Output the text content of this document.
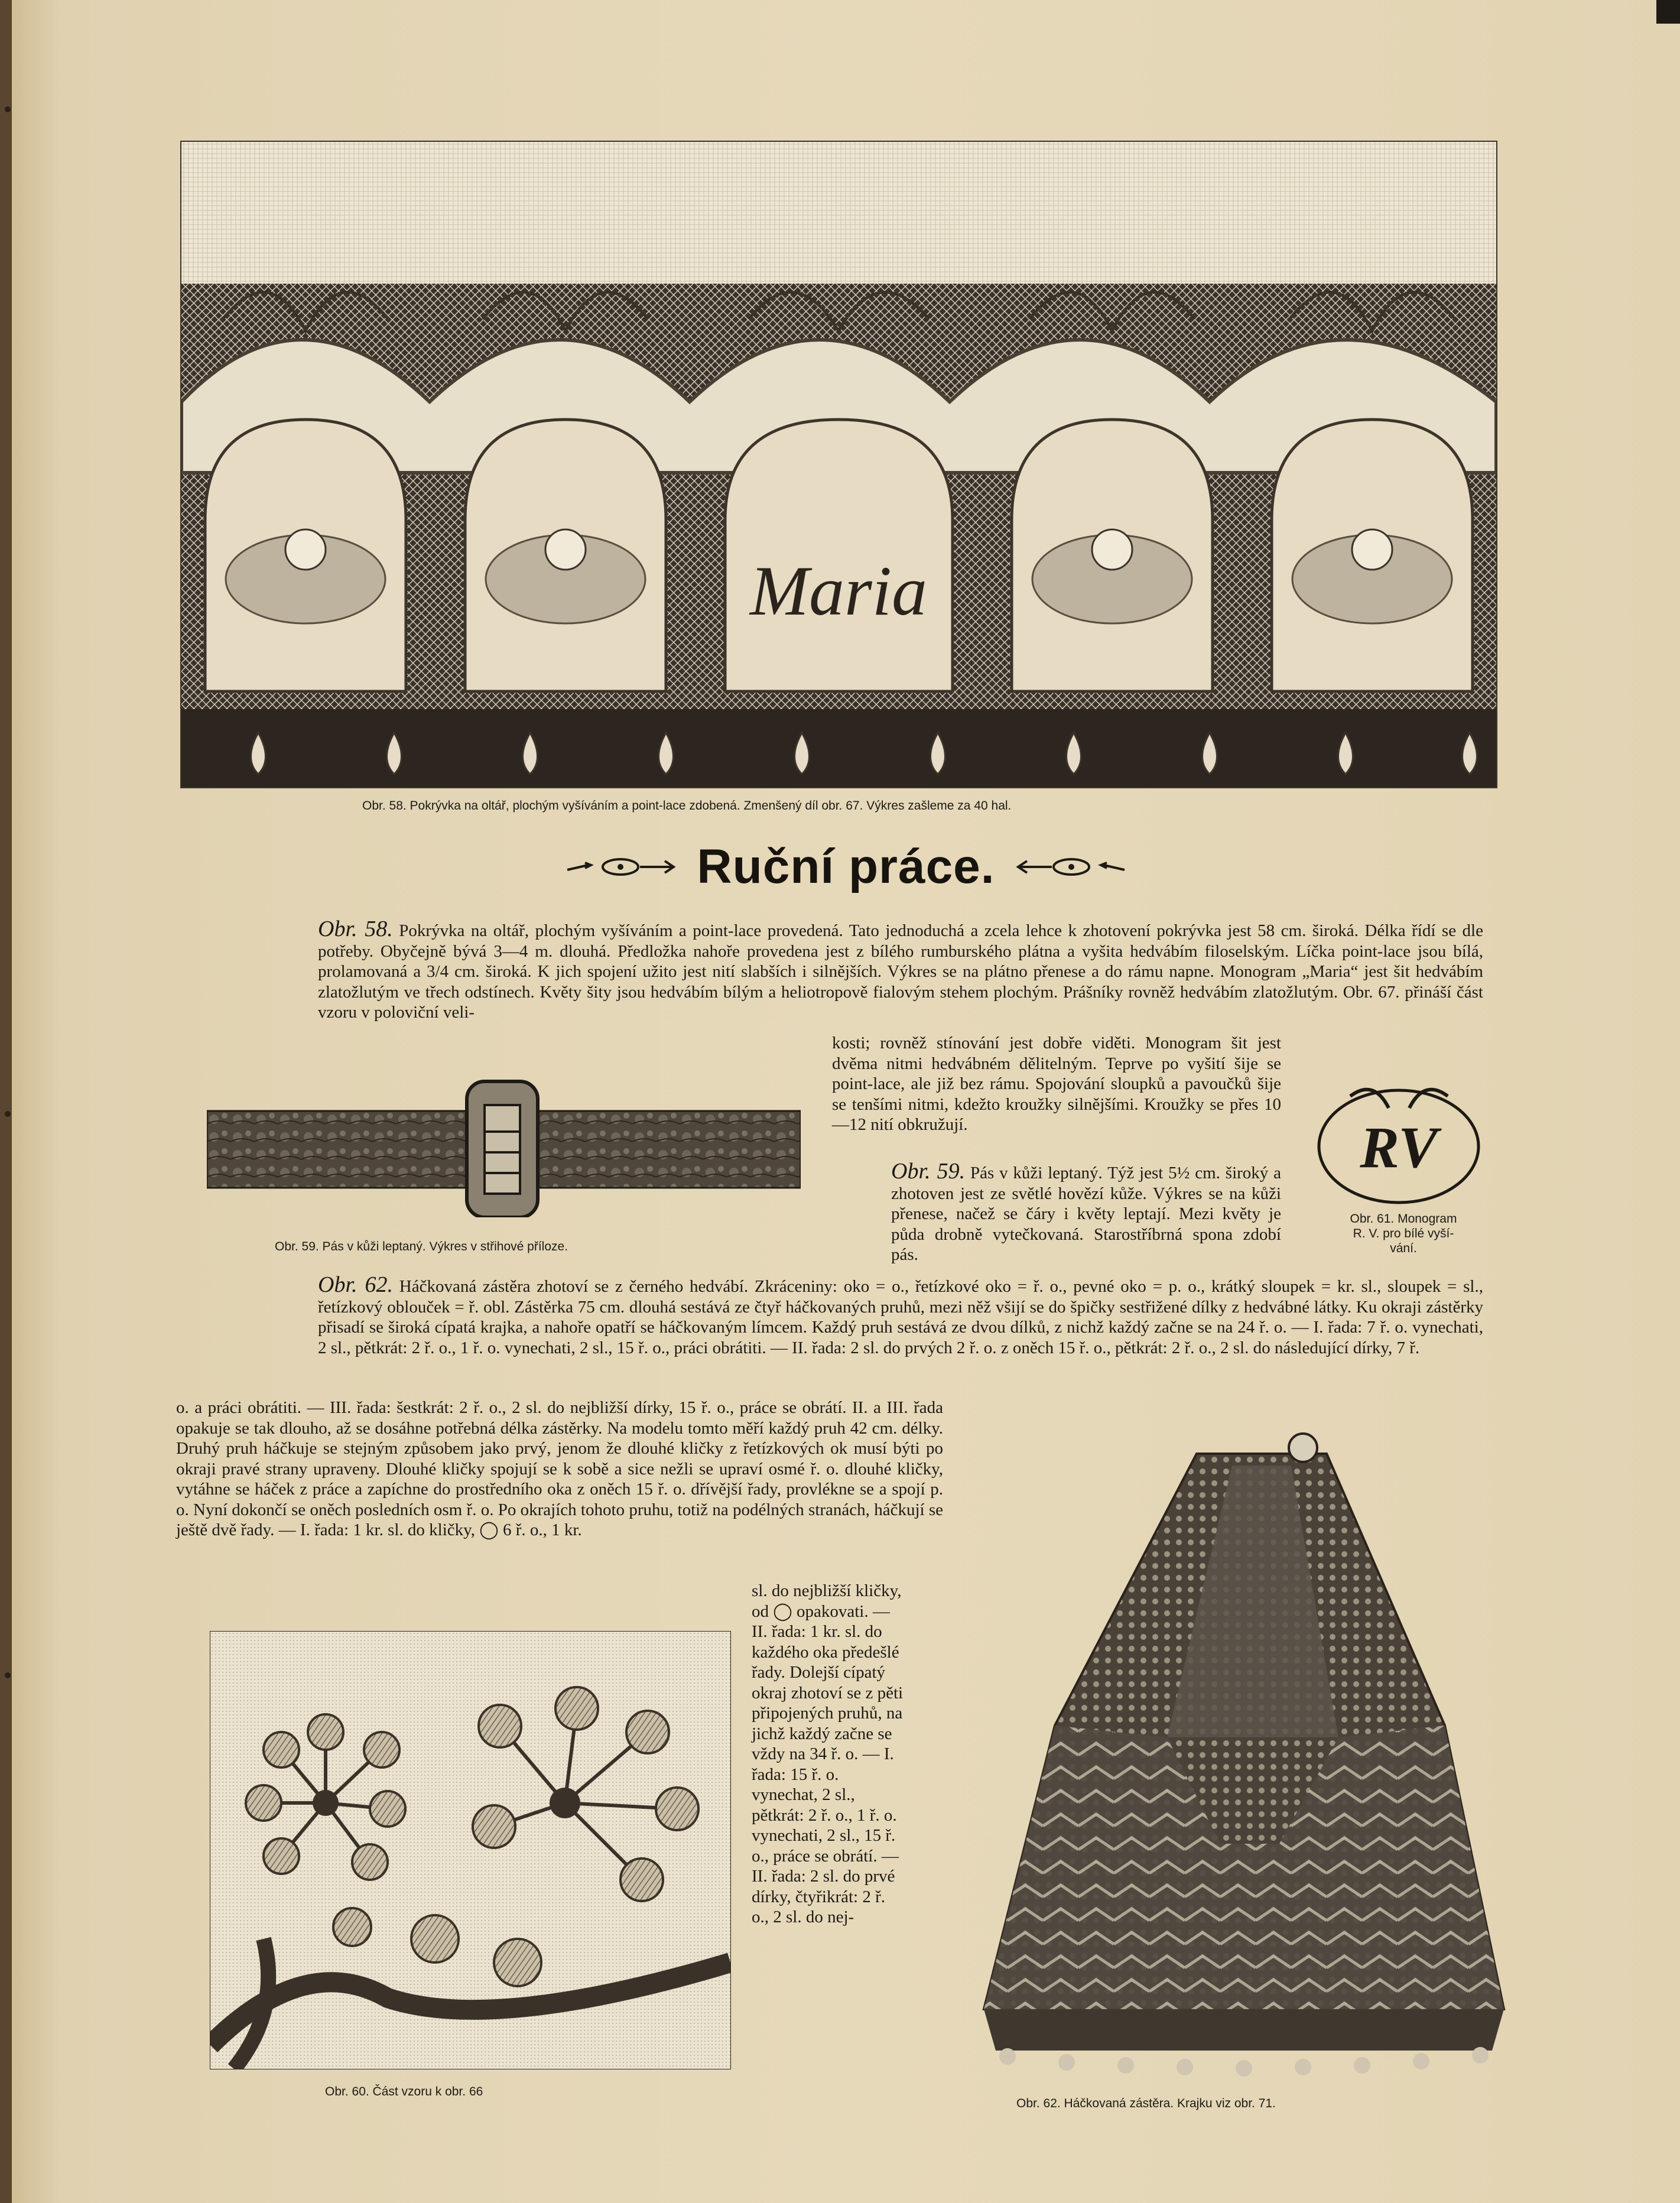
Maria
Obr. 58. Pokrývka na oltář, plochým vyšíváním a point-lace zdobená. Zmenšený díl obr. 67. Výkres zašleme za 40 hal.
Ruční práce.

Obr. 58. Pokrývka na oltář, plochým vyšíváním a point-lace provedená. Tato jednoduchá a zcela lehce k zhotovení pokrývka jest 58 cm. široká. Délka řídí se dle potřeby. Obyčejně bývá 3—4 m. dlouhá. Předložka nahoře provedena jest z bílého rumburského plátna a vyšita hedvábím filoselským. Líčka point-lace jsou bílá, prolamovaná a 3/4 cm. široká. K jich spojení užito jest nití slabších i silnějších. Výkres se na plátno přenese a do rámu napne. Monogram „Maria“ jest šit hedvábím zlatožlutým ve třech odstínech. Květy šity jsou hedvábím bílým a heliotropově fialovým stehem plochým. Prášníky rovněž hedvábím zlatožlutým. Obr. 67. přináší část vzoru v poloviční veli-

kosti; rovněž stínování jest dobře viděti. Monogram šit jest dvěma nitmi hedvábném dělitelným. Teprve po vyšití šije se point-lace, ale již bez rámu. Spojování sloupků a pavoučků šije se tenšími nitmi, kdežto kroužky silnějšími. Kroužky se přes 10—12 nití obkružují.

Obr. 59. Pás v kůži leptaný. Týž jest 5½ cm. široký a zhotoven jest ze světlé hovězí kůže. Výkres se na kůži přenese, načež se čáry i květy leptají. Mezi květy je půda drobně vytečkovaná. Starostříbrná spona zdobí pás.

Obr. 59. Pás v kůži leptaný. Výkres v střihové příloze.
RV
Obr. 61. Monogram
R. V. pro bílé vyší-
vání.

Obr. 62. Háčkovaná zástěra zhotoví se z černého hedvábí. Zkráceniny: oko = o., řetízkové oko = ř. o., pevné oko = p. o., krátký sloupek = kr. sl., sloupek = sl., řetízkový oblouček = ř. obl. Zástěrka 75 cm. dlouhá sestává ze čtyř háčkovaných pruhů, mezi něž všijí se do špičky sestřižené dílky z hedvábné látky. Ku okraji zástěrky přisadí se široká cípatá krajka, a nahoře opatří se háčkovaným límcem. Každý pruh sestává ze dvou dílků, z nichž každý začne se na 24 ř. o. — I. řada: 7 ř. o. vynechati, 2 sl., pětkrát: 2 ř. o., 1 ř. o. vynechati, 2 sl., 15 ř. o., práci obrátiti. — II. řada: 2 sl. do prvých 2 ř. o. z oněch 15 ř. o., pětkrát: 2 ř. o., 2 sl. do následující dírky, 7 ř.

o. a práci obrátiti. — III. řada: šestkrát: 2 ř. o., 2 sl. do nejbližší dírky, 15 ř. o., práce se obrátí. II. a III. řada opakuje se tak dlouho, až se dosáhne potřebná délka zástěrky. Na modelu tomto měří každý pruh 42 cm. délky. Druhý pruh háčkuje se stejným způsobem jako prvý, jenom že dlouhé kličky z řetízkových ok musí býti po okraji pravé strany upraveny. Dlouhé kličky spojují se k sobě a sice nežli se upraví osmé ř. o. dlouhé kličky, vytáhne se háček z práce a zapíchne do prostředního oka z oněch 15 ř. o. dřívější řady, provlékne se a spojí p. o. Nyní dokončí se oněch posledních osm ř. o. Po okrajích tohoto pruhu, totiž na podélných stranách, háčkují se ještě dvě řady. — I. řada: 1 kr. sl. do kličky, ◯ 6 ř. o., 1 kr.

sl. do nejbližší kličky, od ◯ opakovati. — II. řada: 1 kr. sl. do každého oka předešlé řady. Dolejší cípatý okraj zhotoví se z pěti připojených pruhů, na jichž každý začne se vždy na 34 ř. o. — I. řada: 15 ř. o. vynechat, 2 sl., pětkrát: 2 ř. o., 1 ř. o. vynechati, 2 sl., 15 ř. o., práce se obrátí. — II. řada: 2 sl. do prvé dírky, čtyřikrát: 2 ř. o., 2 sl. do nej-

Obr. 60. Část vzoru k obr. 66
Obr. 62. Háčkovaná zástěra. Krajku viz obr. 71.
